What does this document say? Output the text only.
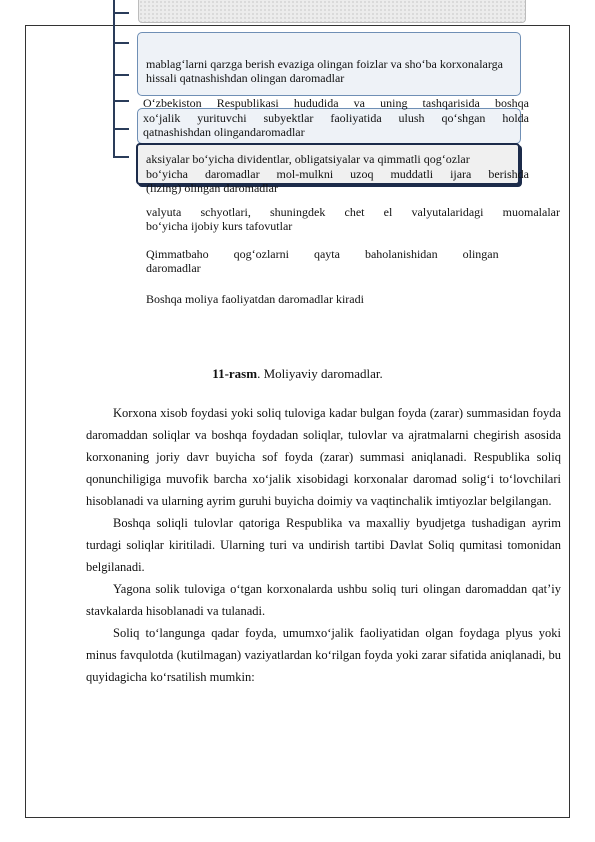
mablag‘larni qarzga berish evaziga olingan foizlar va sho‘ba korxonalarga
hissali qatnashishdan olingan daromadlar
O‘zbekiston Respublikasi hududida va uning tashqarisida boshqa
xo‘jalik yurituvchi subyektlar faoliyatida ulush qo‘shgan holda
qatnashishdan olingandaromadlar
aksiyalar bo‘yicha dividentlar, obligatsiyalar va qimmatli qog‘ozlar
bo‘yicha daromadlar mol-mulkni uzoq muddatli ijara berishda
(lizing) olingan daromadlar
valyuta schyotlari, shuningdek chet el valyutalaridagi muomalalar
bo‘yicha ijobiy kurs tafovutlar
Qimmatbaho qog‘ozlarni qayta baholanishidan olingan
daromadlar
Boshqa moliya faoliyatdan daromadlar kiradi
11-rasm. Moliyaviy daromadlar.

Korxona xisob foydasi yoki soliq tuloviga kadar bulgan foyda (zarar) summasidan foyda daromaddan soliqlar va boshqa foydadan soliqlar, tulovlar va ajratmalarni chegirish asosida korxonaning joriy davr buyicha sof foyda (zarar) summasi aniqlanadi. Respublika soliq qonunchiligiga muvofik barcha xo‘jalik xisobidagi korxonalar daromad solig‘i to‘lovchilari hisoblanadi va ularning ayrim guruhi buyicha doimiy va vaqtinchalik imtiyozlar belgilangan.

Boshqa soliqli tulovlar qatoriga Respublika va maxalliy byudjetga tushadigan ayrim turdagi soliqlar kiritiladi. Ularning turi va undirish tartibi Davlat Soliq qumitasi tomonidan belgilanadi.

Yagona solik tuloviga o‘tgan korxonalarda ushbu soliq turi olingan daromaddan qat’iy stavkalarda hisoblanadi va tulanadi.

Soliq to‘langunga qadar foyda, umumxo‘jalik faoliyatidan olgan foydaga plyus yoki minus favqulotda (kutilmagan) vaziyatlardan ko‘rilgan foyda yoki zarar sifatida aniqlanadi, bu quyidagicha ko‘rsatilish mumkin:
